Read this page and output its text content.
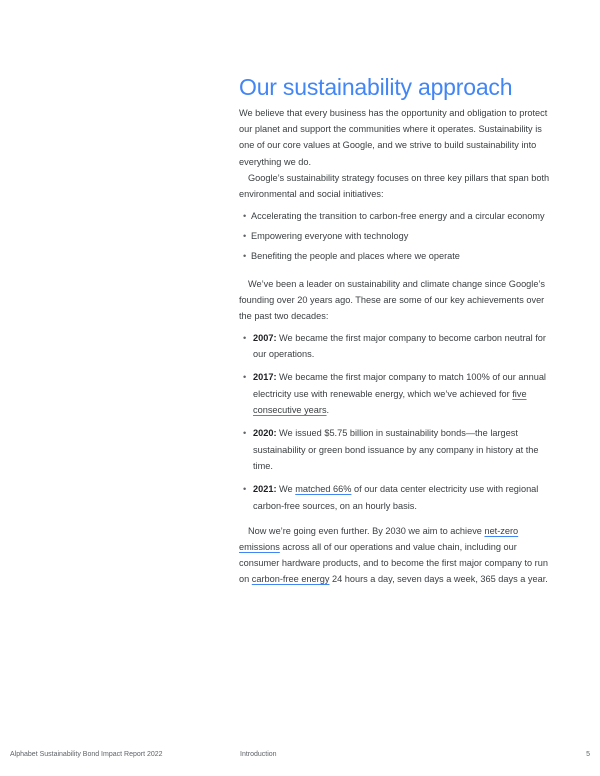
Our sustainability approach

We believe that every business has the opportunity and obligation to protect our planet and support the communities where it operates. Sustainability is one of our core values at Google, and we strive to build sustainability into everything we do.

Google’s sustainability strategy focuses on three key pillars that span both environmental and social initiatives:

• Accelerating the transition to carbon-free energy and a circular economy
• Empowering everyone with technology
• Benefiting the people and places where we operate

We’ve been a leader on sustainability and climate change since Google’s founding over 20 years ago. These are some of our key achievements over the past two decades:

• 2007: We became the first major company to become carbon neutral for our operations.
• 2017: We became the first major company to match 100% of our annual electricity use with renewable energy, which we’ve achieved for five consecutive years.
• 2020: We issued $5.75 billion in sustainability bonds—the largest sustainability or green bond issuance by any company in history at the time.
• 2021: We matched 66% of our data center electricity use with regional carbon-free sources, on an hourly basis.

Now we’re going even further. By 2030 we aim to achieve net-zero emissions across all of our operations and value chain, including our consumer hardware products, and to become the first major company to run on carbon-free energy 24 hours a day, seven days a week, 365 days a year.

Alphabet Sustainability Bond Impact Report 2022	Introduction	5
